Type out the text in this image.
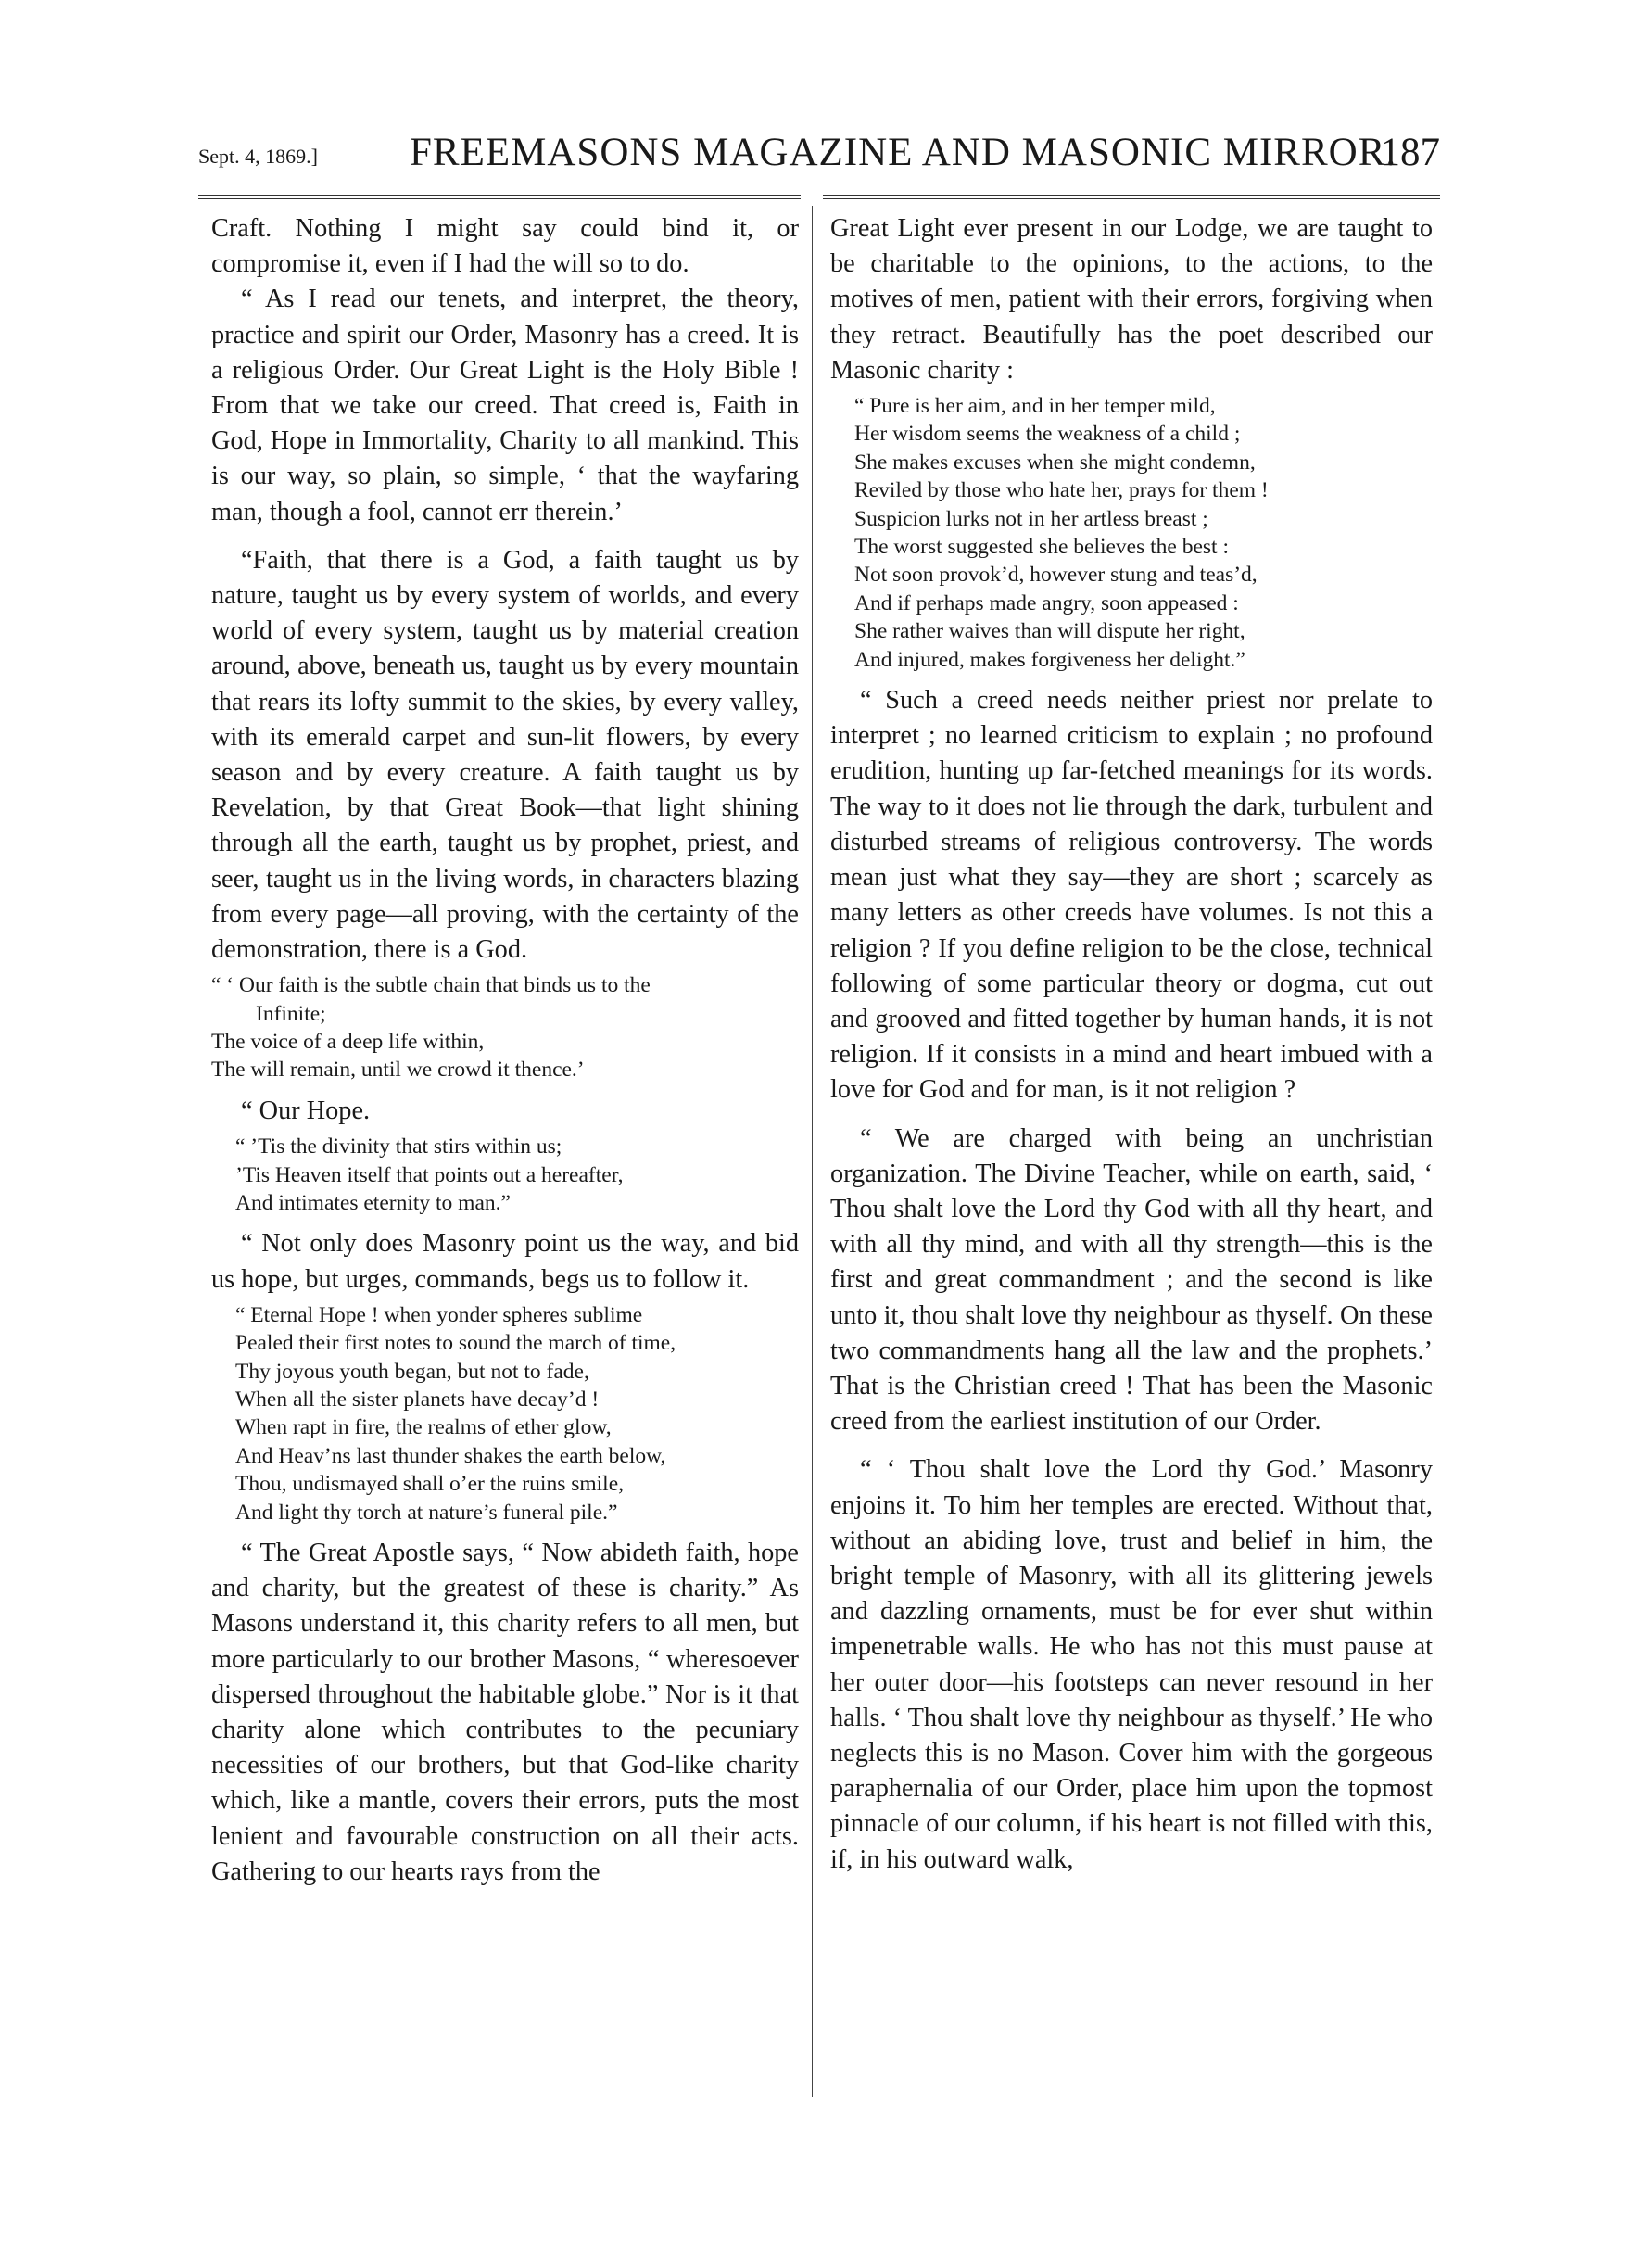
Sept. 4, 1869.] FREEMASONS MAGAZINE AND MASONIC MIRROR.
187

Craft. Nothing I might say could bind it, or compromise it, even if I had the will so to do.

“ As I read our tenets, and interpret, the theory, practice and spirit our Order, Masonry has a creed. It is a religious Order. Our Great Light is the Holy Bible ! From that we take our creed. That creed is, Faith in God, Hope in Immortality, Charity to all mankind. This is our way, so plain, so simple, ‘ that the wayfaring man, though a fool, cannot err therein.’

“Faith, that there is a God, a faith taught us by nature, taught us by every system of worlds, and every world of every system, taught us by material creation around, above, beneath us, taught us by every mountain that rears its lofty summit to the skies, by every valley, with its emerald carpet and sun-lit flowers, by every season and by every creature. A faith taught us by Revelation, by that Great Book—that light shining through all the earth, taught us by prophet, priest, and seer, taught us in the living words, in characters blazing from every page—all proving, with the certainty of the demonstration, there is a God.

“ ‘ Our faith is the subtle chain that binds us to the
Infinite;
The voice of a deep life within,
The will remain, until we crowd it thence.’

“ Our Hope.

“ ’Tis the divinity that stirs within us;
’Tis Heaven itself that points out a hereafter,
And intimates eternity to man.”

“ Not only does Masonry point us the way, and bid us hope, but urges, commands, begs us to follow it.

“ Eternal Hope ! when yonder spheres sublime
Pealed their first notes to sound the march of time,
Thy joyous youth began, but not to fade,
When all the sister planets have decay’d !
When rapt in fire, the realms of ether glow,
And Heav’ns last thunder shakes the earth below,
Thou, undismayed shall o’er the ruins smile,
And light thy torch at nature’s funeral pile.”

“ The Great Apostle says, “ Now abideth faith, hope and charity, but the greatest of these is charity.” As Masons understand it, this charity refers to all men, but more particularly to our brother Masons, “ wheresoever dispersed throughout the habitable globe.” Nor is it that charity alone which contributes to the pecuniary necessities of our brothers, but that God-like charity which, like a mantle, covers their errors, puts the most lenient and favourable construction on all their acts. Gathering to our hearts rays from the

Great Light ever present in our Lodge, we are taught to be charitable to the opinions, to the actions, to the motives of men, patient with their errors, forgiving when they retract. Beautifully has the poet described our Masonic charity :

“ Pure is her aim, and in her temper mild,
Her wisdom seems the weakness of a child ;
She makes excuses when she might condemn,
Reviled by those who hate her, prays for them !
Suspicion lurks not in her artless breast ;
The worst suggested she believes the best :
Not soon provok’d, however stung and teas’d,
And if perhaps made angry, soon appeased :
She rather waives than will dispute her right,
And injured, makes forgiveness her delight.”

“ Such a creed needs neither priest nor prelate to interpret ; no learned criticism to explain ; no profound erudition, hunting up far-fetched meanings for its words. The way to it does not lie through the dark, turbulent and disturbed streams of religious controversy. The words mean just what they say—they are short ; scarcely as many letters as other creeds have volumes. Is not this a religion ? If you define religion to be the close, technical following of some particular theory or dogma, cut out and grooved and fitted together by human hands, it is not religion. If it consists in a mind and heart imbued with a love for God and for man, is it not religion ?

“ We are charged with being an unchristian organization. The Divine Teacher, while on earth, said, ‘ Thou shalt love the Lord thy God with all thy heart, and with all thy mind, and with all thy strength—this is the first and great commandment ; and the second is like unto it, thou shalt love thy neighbour as thyself. On these two commandments hang all the law and the prophets.’ That is the Christian creed ! That has been the Masonic creed from the earliest institution of our Order.

“ ‘ Thou shalt love the Lord thy God.’ Masonry enjoins it. To him her temples are erected. Without that, without an abiding love, trust and belief in him, the bright temple of Masonry, with all its glittering jewels and dazzling ornaments, must be for ever shut within impenetrable walls. He who has not this must pause at her outer door—his footsteps can never resound in her halls. ‘ Thou shalt love thy neighbour as thyself.’ He who neglects this is no Mason. Cover him with the gorgeous paraphernalia of our Order, place him upon the topmost pinnacle of our column, if his heart is not filled with this, if, in his outward walk,
